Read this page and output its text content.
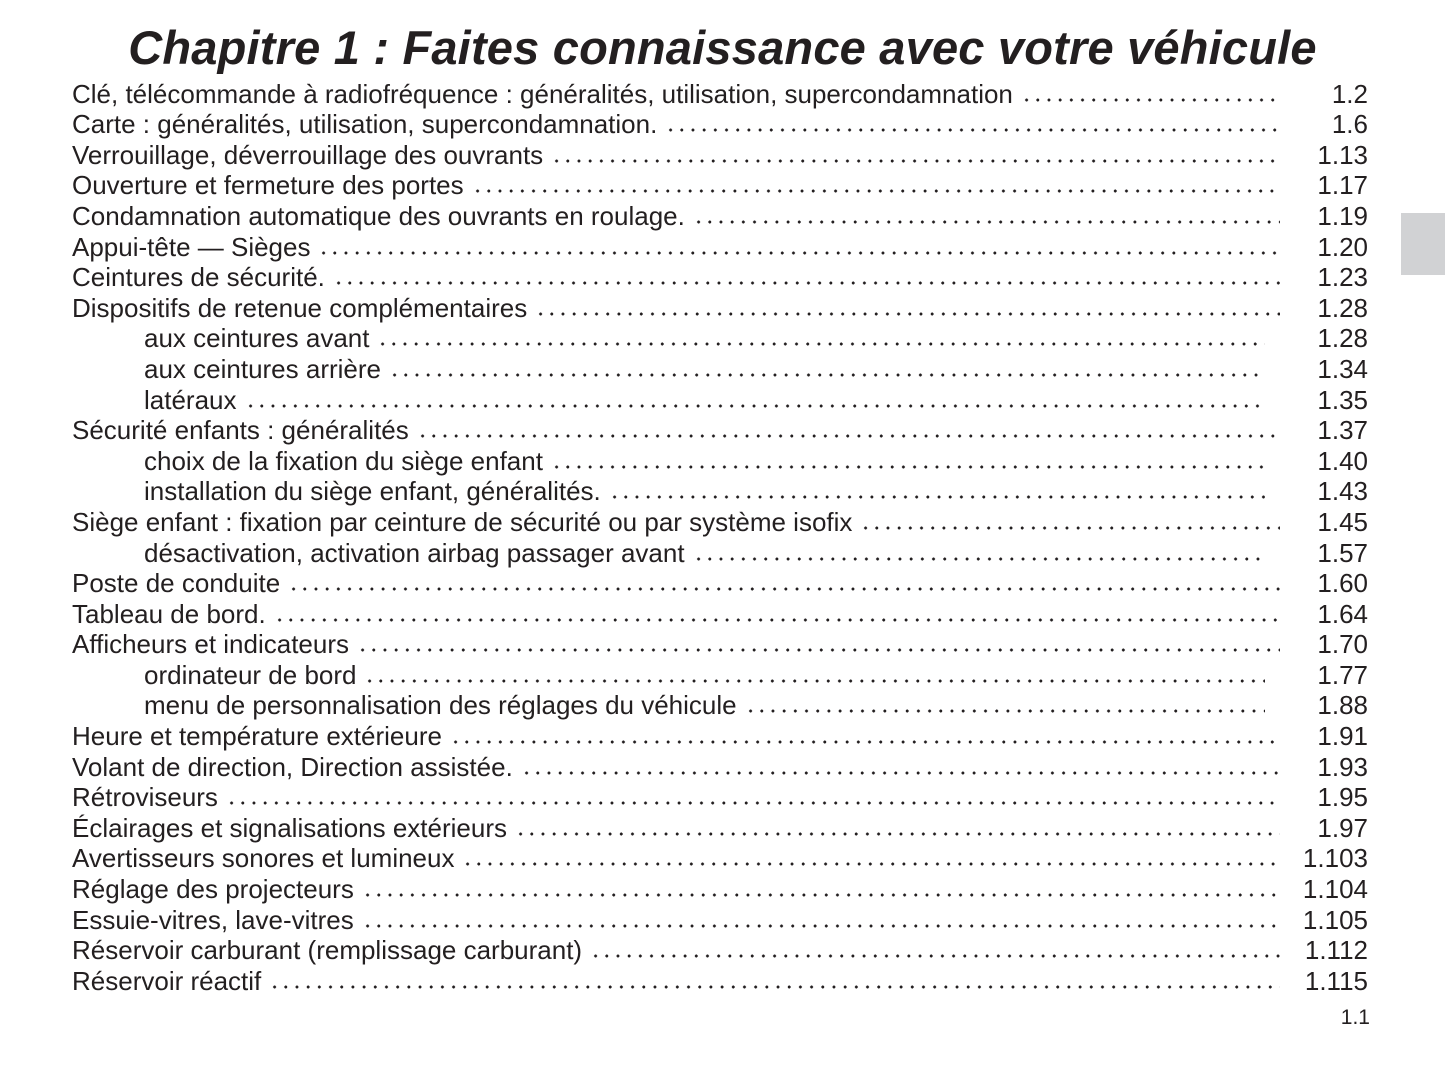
Chapitre 1 : Faites connaissance avec votre véhicule
Clé, télécommande à radiofréquence : généralités, utilisation, supercondamnation	1.2
Carte : généralités, utilisation, supercondamnation.	1.6
Verrouillage, déverrouillage des ouvrants	1.13
Ouverture et fermeture des portes	1.17
Condamnation automatique des ouvrants en roulage.	1.19
Appui-tête — Sièges	1.20
Ceintures de sécurité.	1.23
Dispositifs de retenue complémentaires	1.28
aux ceintures avant	1.28
aux ceintures arrière	1.34
latéraux	1.35
Sécurité enfants : généralités	1.37
choix de la fixation du siège enfant	1.40
installation du siège enfant, généralités.	1.43
Siège enfant : fixation par ceinture de sécurité ou par système isofix	1.45
désactivation, activation airbag passager avant	1.57
Poste de conduite	1.60
Tableau de bord.	1.64
Afficheurs et indicateurs	1.70
ordinateur de bord	1.77
menu de personnalisation des réglages du véhicule	1.88
Heure et température extérieure	1.91
Volant de direction, Direction assistée.	1.93
Rétroviseurs	1.95
Éclairages et signalisations extérieurs	1.97
Avertisseurs sonores et lumineux	1.103
Réglage des projecteurs	1.104
Essuie-vitres, lave-vitres	1.105
Réservoir carburant (remplissage carburant)	1.112
Réservoir réactif	1.115
1.1
